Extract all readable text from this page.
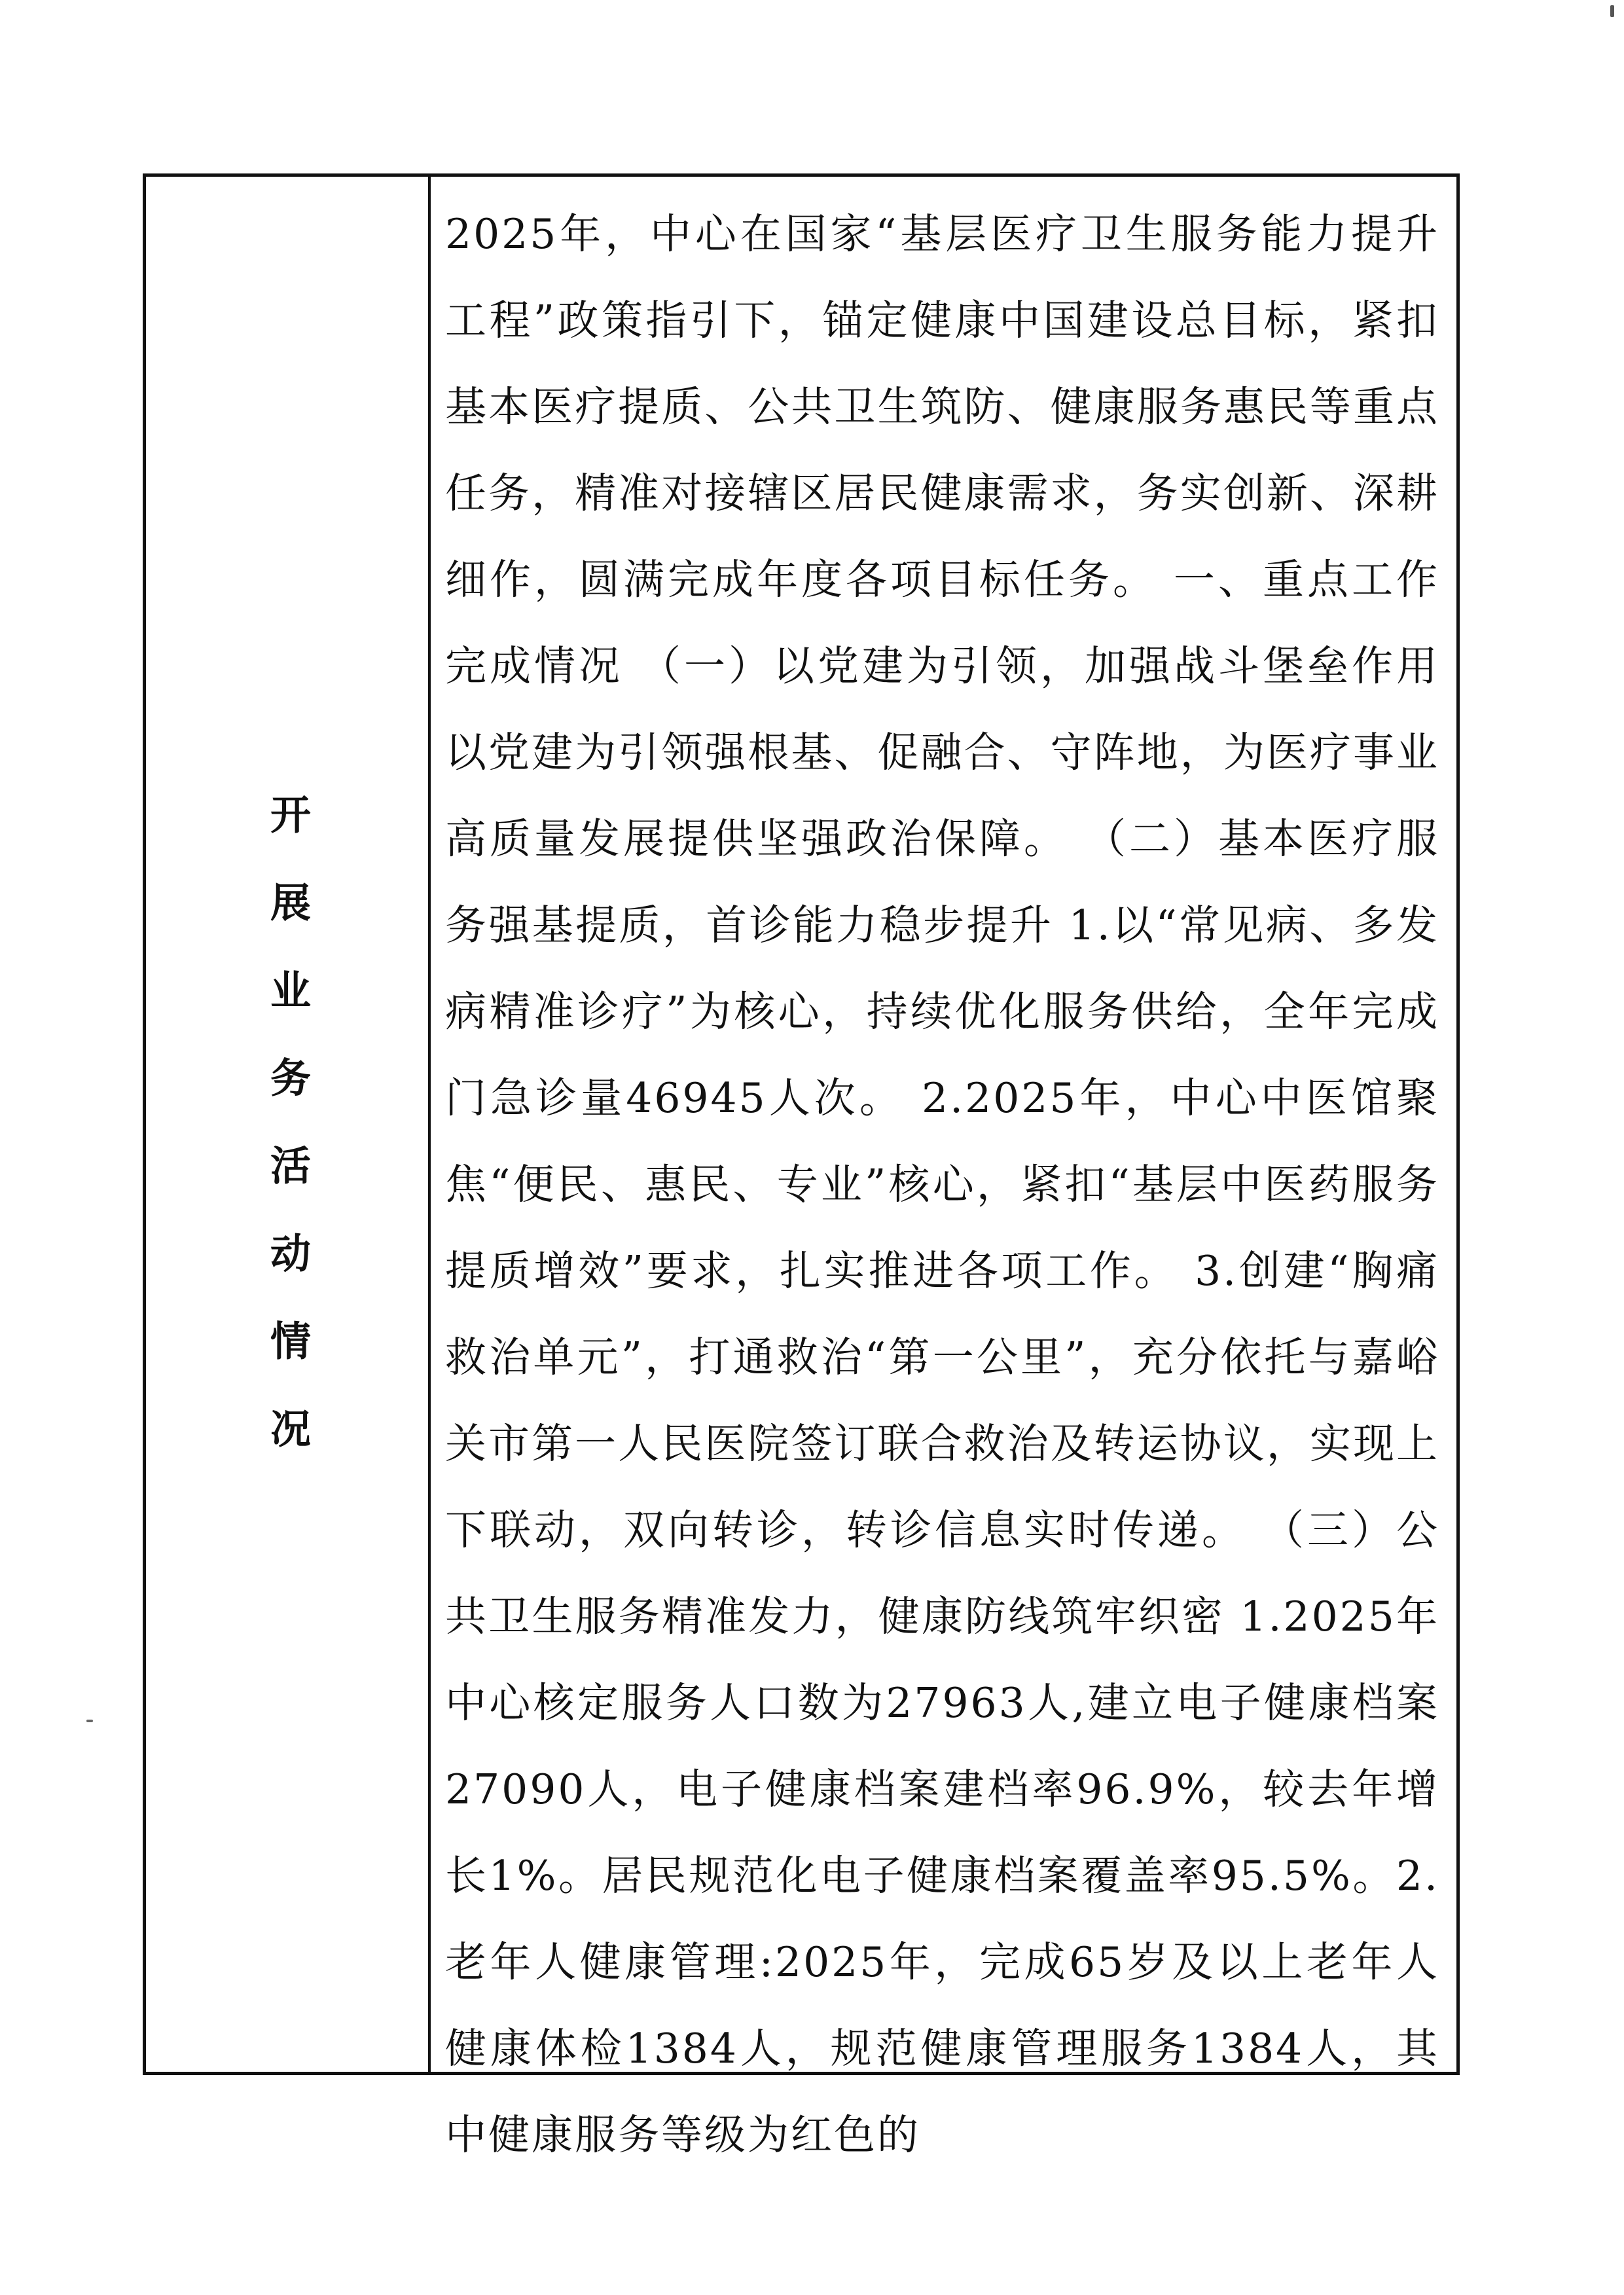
开展业务活动情况

2025年，中心在国家“基层医疗卫生服务能力提升工程”政策指引下，锚定健康中国建设总目标，紧扣基本医疗提质、公共卫生筑防、健康服务惠民等重点任务，精准对接辖区居民健康需求，务实创新、深耕细作，圆满完成年度各项目标任务。 一、重点工作完成情况 （一）以党建为引领，加强战斗堡垒作用 以党建为引领强根基、促融合、守阵地，为医疗事业高质量发展提供坚强政治保障。 （二）基本医疗服务强基提质，首诊能力稳步提升 1.以“常见病、多发病精准诊疗”为核心，持续优化服务供给，全年完成门急诊量46945人次。 2.2025年，中心中医馆聚焦“便民、惠民、专业”核心，紧扣“基层中医药服务提质增效”要求，扎实推进各项工作。 3.创建“胸痛救治单元”，打通救治“第一公里”，充分依托与嘉峪关市第一人民医院签订联合救治及转运协议，实现上下联动，双向转诊，转诊信息实时传递。 （三）公共卫生服务精准发力，健康防线筑牢织密 1.2025年中心核定服务人口数为27963人,建立电子健康档案27090人，电子健康档案建档率96.9%，较去年增长1%。居民规范化电子健康档案覆盖率95.5%。2.老年人健康管理:2025年，完成65岁及以上老年人健康体检1384人，规范健康管理服务1384人，其中健康服务等级为红色的
